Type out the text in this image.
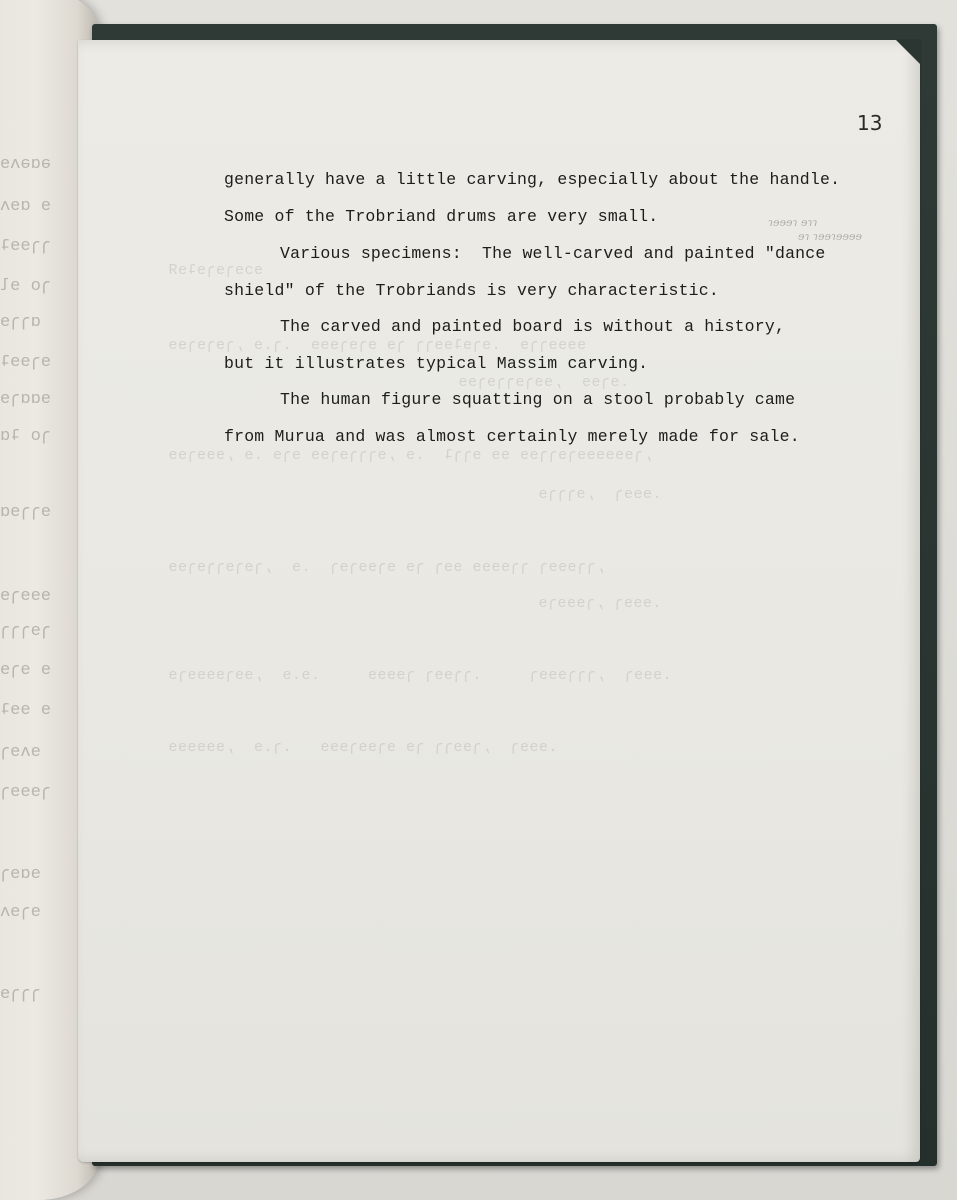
əɑəʌɘ
ɘ ɑɘʌ
ɿɿɘɘʇ
ɿo ɘl
ɑɿɿɘ
ɘɿɘɘʇ
ɘɑɑɿɘ
ɿo ʇɑ
ɘɿɿɘɑ
ɘɘɘɿɘ
ɿɘɿɿɿ
ɘ ɘɿɘ
ɘ ɘɘʇ
ɘʌɘɿ
ɿɘɘɘɿ
ɘɑɘɿ
ɘɿɘʌ
ɿɿɿɘ
ɘɔɘɿɘɿɘʇɘЯ
ɘɘɘɘɿɿɘ  .ɘɿɘʇɘɘɿɿ ɿɘ ɘɿɘɿɘɘɘ  .ɿ.ɘ ,ɿɘɿɘɿɘɘ
.ɘɿɘɘ  ,ɘɘɿɘɿɿɘɿɘɘ
,ɿɘɘɘɘɘɘɿɘɿɿɘɘ ɘɘ ɘɿɿʇ  .ɘ ,ɘɿɿɿɘɿɘɘ ɘɿɘ .ɘ ,ɘɘɘɿɘɘ
.ɘɘɘɿ  ,ɘɿɿɿɘ
,ɿɿɘɘɘɿ ɿɿɘɘɘɘ ɘɘɿ ɿɘ ɘɿɘɘɿɘɿ  .ɘ  ,ɿɘɿɘɿɿɘɿɘɘ
.ɘɘɘɿ ,ɿɘɘɘɿɘ
.ɘɘɘɿ  ,ɿɿɿɘɘɘɿ     .ɿɿɘɘɿ ɿɘɘɘɘ     .ɘ.ɘ  ,ɘɘɿɘɘɘɘɿɘ
.ɘɘɘɿ  ,ɿɘɘɿɿ ɿɘ ɘɿɘɘɿɘɘɘ   .ɿ.ɘ  ,ɘɘɘɘɘɘ
ɿɘɘɘɿ ɘɿɿ
ɘɿ ɿɘɘɿɘɘɘɘ
13
generally have a little carving, especially about the handle.
Some of the Trobriand drums are very small.
Various specimens:  The well-carved and painted "dance
shield" of the Trobriands is very characteristic.
The carved and painted board is without a history,
but it illustrates typical Massim carving.
The human figure squatting on a stool probably came
from Murua and was almost certainly merely made for sale.
